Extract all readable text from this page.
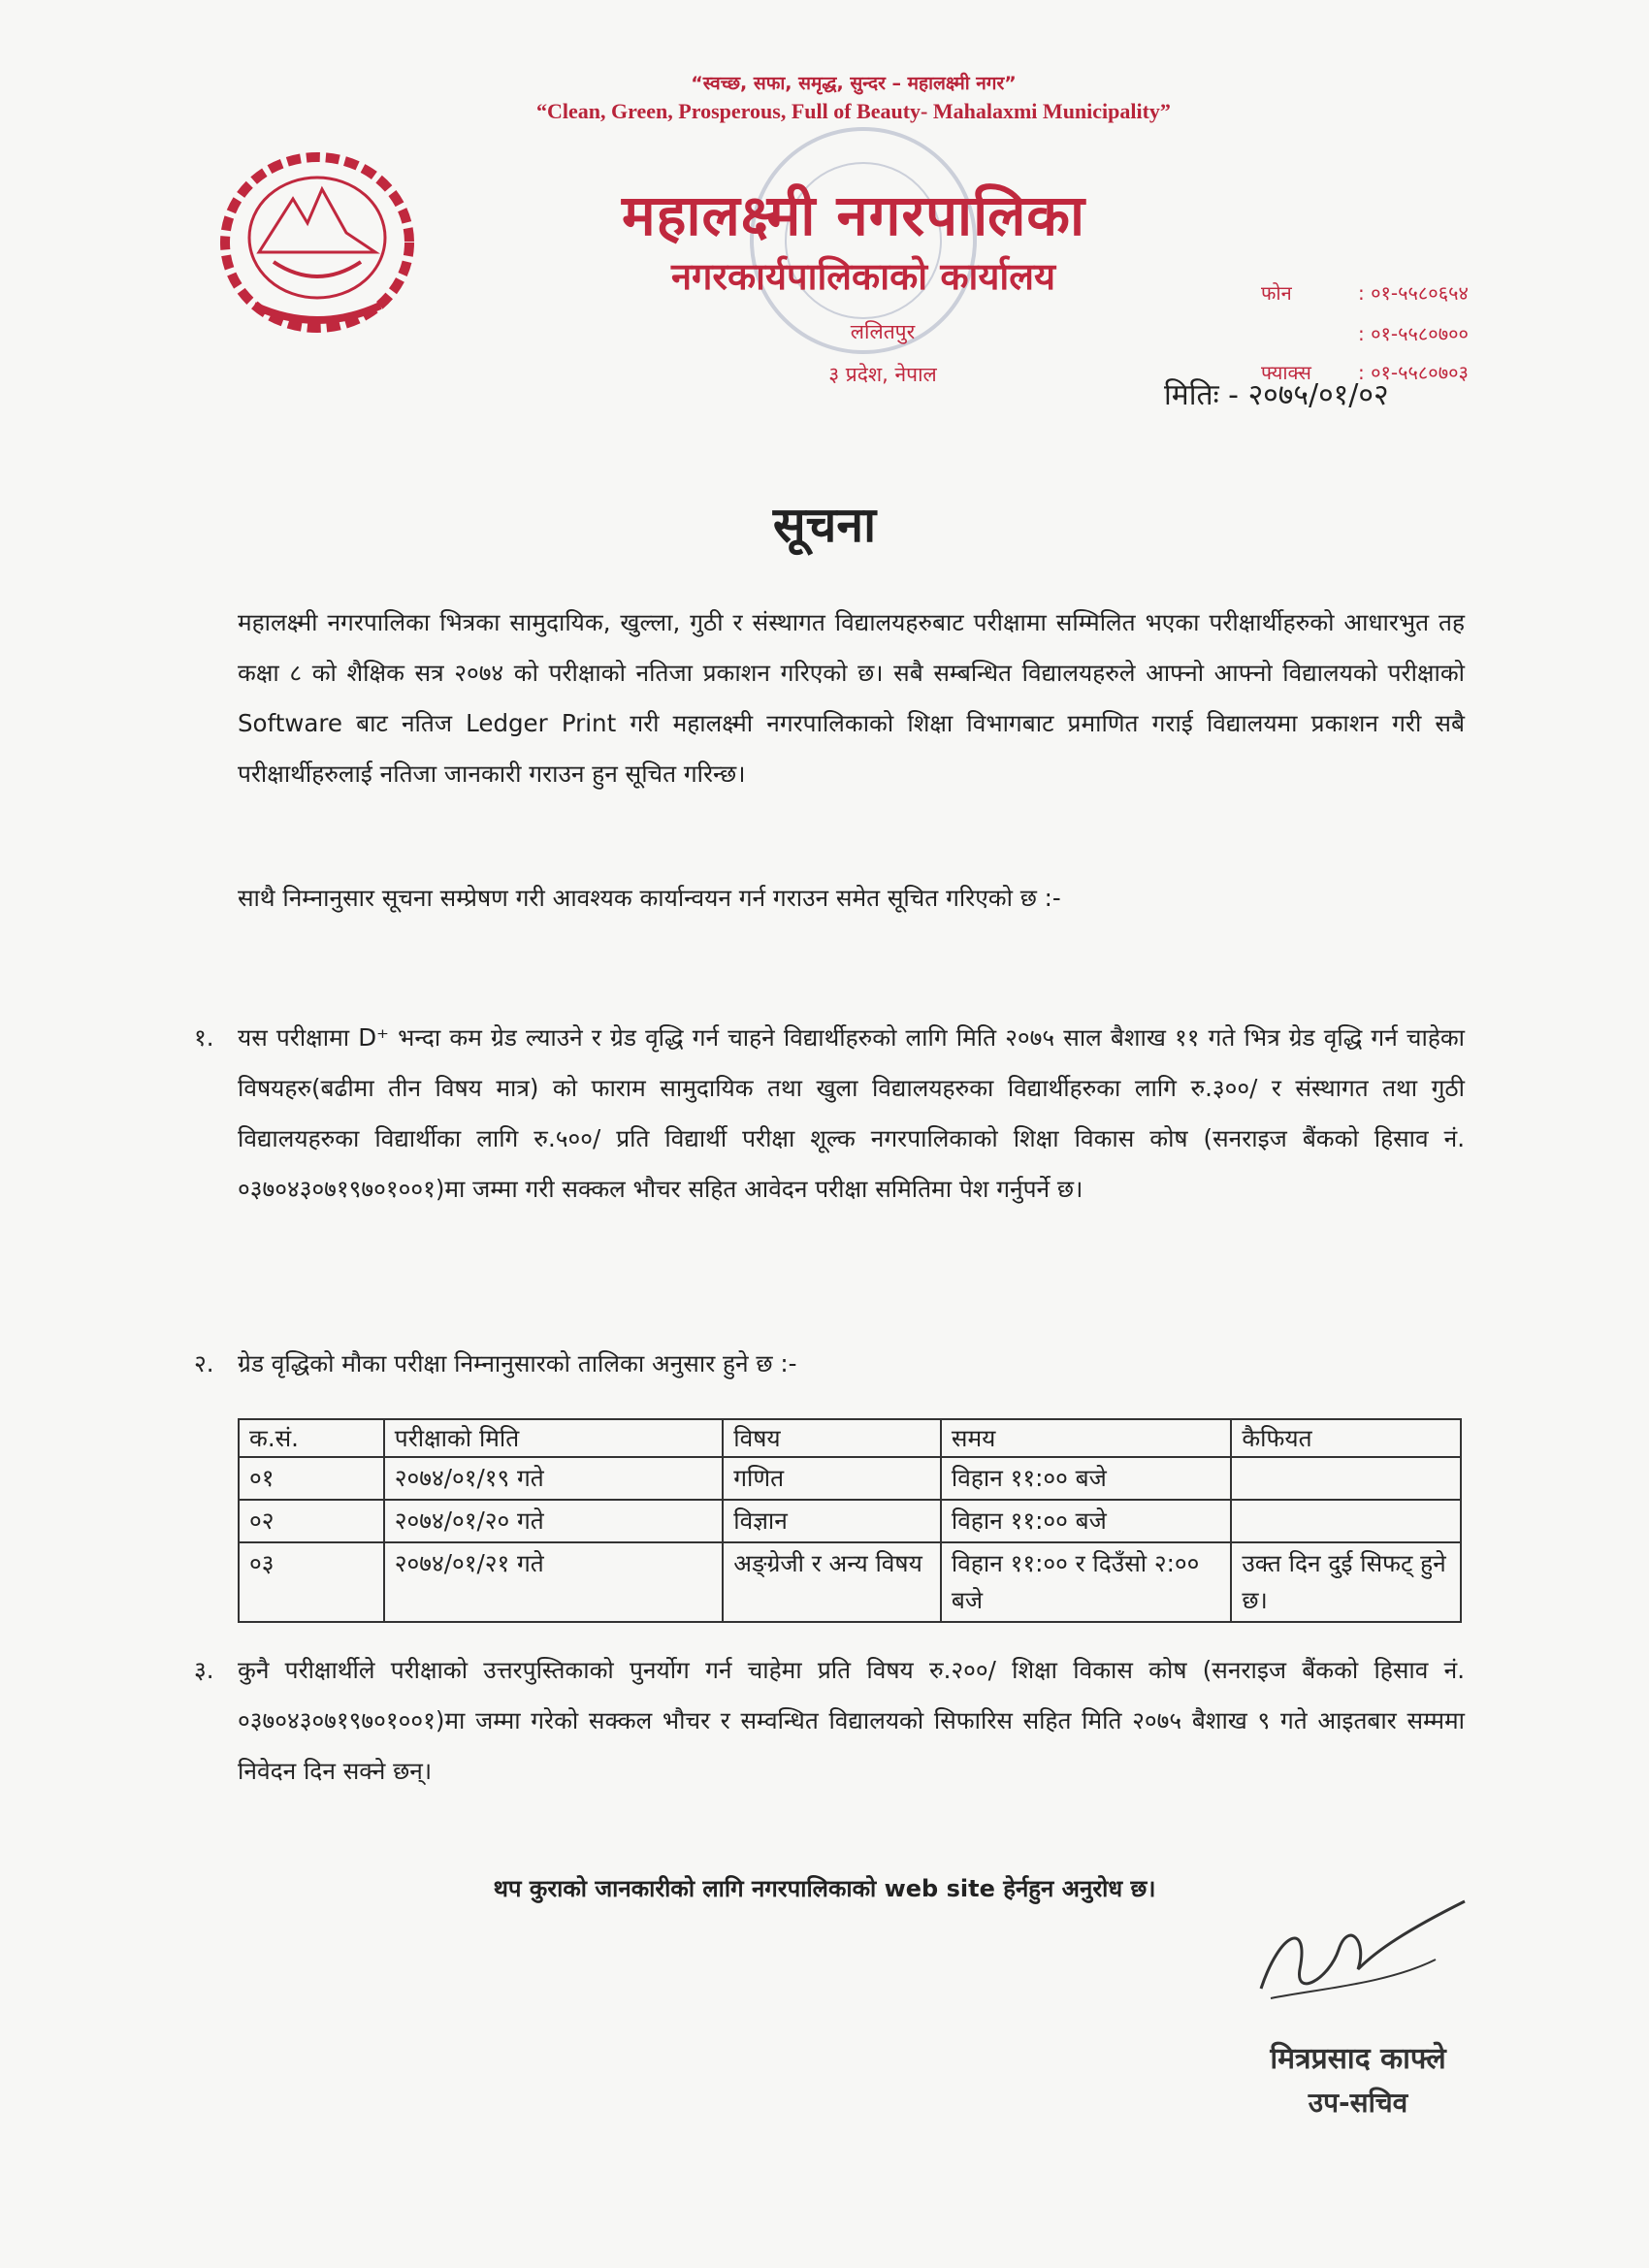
“स्वच्छ, सफा, समृद्ध, सुन्दर – महालक्ष्मी नगर”
“Clean, Green, Prosperous, Full of Beauty- Mahalaxmi Municipality”
महालक्ष्मी नगरपालिका
नगरकार्यपालिकाको कार्यालय
ललितपुर
३ प्रदेश, नेपाल
फोन	: ०१-५५८०६५४
: ०१-५५८०७००
फ्याक्स : ०१-५५८०७०३
मितिः - २०७५/०१/०२
सूचना
महालक्ष्मी नगरपालिका भित्रका सामुदायिक, खुल्ला, गुठी र संस्थागत विद्यालयहरुबाट परीक्षामा सम्मिलित भएका परीक्षार्थीहरुको आधारभुत तह कक्षा ८ को शैक्षिक सत्र २०७४ को परीक्षाको नतिजा प्रकाशन गरिएको छ। सबै सम्बन्धित विद्यालयहरुले आफ्नो आफ्नो विद्यालयको परीक्षाको Software बाट नतिज Ledger Print गरी महालक्ष्मी नगरपालिकाको शिक्षा विभागबाट प्रमाणित गराई विद्यालयमा प्रकाशन गरी सबै परीक्षार्थीहरुलाई नतिजा जानकारी गराउन हुन सूचित गरिन्छ।
साथै निम्नानुसार सूचना सम्प्रेषण गरी आवश्यक कार्यान्वयन गर्न गराउन समेत सूचित गरिएको छ :-
१. यस परीक्षामा D⁺ भन्दा कम ग्रेड ल्याउने र ग्रेड वृद्धि गर्न चाहने विद्यार्थीहरुको लागि मिति २०७५ साल बैशाख ११ गते भित्र ग्रेड वृद्धि गर्न चाहेका विषयहरु(बढीमा तीन विषय मात्र) को फाराम सामुदायिक तथा खुला विद्यालयहरुका विद्यार्थीहरुका लागि रु.३००/ र संस्थागत तथा गुठी विद्यालयहरुका विद्यार्थीका लागि रु.५००/ प्रति विद्यार्थी परीक्षा शूल्क नगरपालिकाको शिक्षा विकास कोष (सनराइज बैंकको हिसाव नं. ०३७०४३०७१९७०१००१)मा जम्मा गरी सक्कल भौचर सहित आवेदन परीक्षा समितिमा पेश गर्नुपर्ने छ।
२. ग्रेड वृद्धिको मौका परीक्षा निम्नानुसारको तालिका अनुसार हुने छ :-
क.सं.	परीक्षाको मिति	विषय	समय	कैफियत
०१	२०७४/०१/१९ गते	गणित	विहान ११:०० बजे	
०२	२०७४/०१/२० गते	विज्ञान	विहान ११:०० बजे	
०३	२०७४/०१/२१ गते	अङ्ग्रेजी र अन्य विषय	विहान ११:०० र दिउँसो २:०० बजे	उक्त दिन दुई सिफट् हुने छ।
३. कुनै परीक्षार्थीले परीक्षाको उत्तरपुस्तिकाको पुनर्योग गर्न चाहेमा प्रति विषय रु.२००/ शिक्षा विकास कोष (सनराइज बैंकको हिसाव नं. ०३७०४३०७१९७०१००१)मा जम्मा गरेको सक्कल भौचर र सम्वन्धित विद्यालयको सिफारिस सहित मिति २०७५ बैशाख ९ गते आइतबार सम्ममा निवेदन दिन सक्ने छन्।
थप कुराको जानकारीको लागि नगरपालिकाको web site हेर्नहुन अनुरोध छ।
मित्रप्रसाद काफ्ले
उप-सचिव
